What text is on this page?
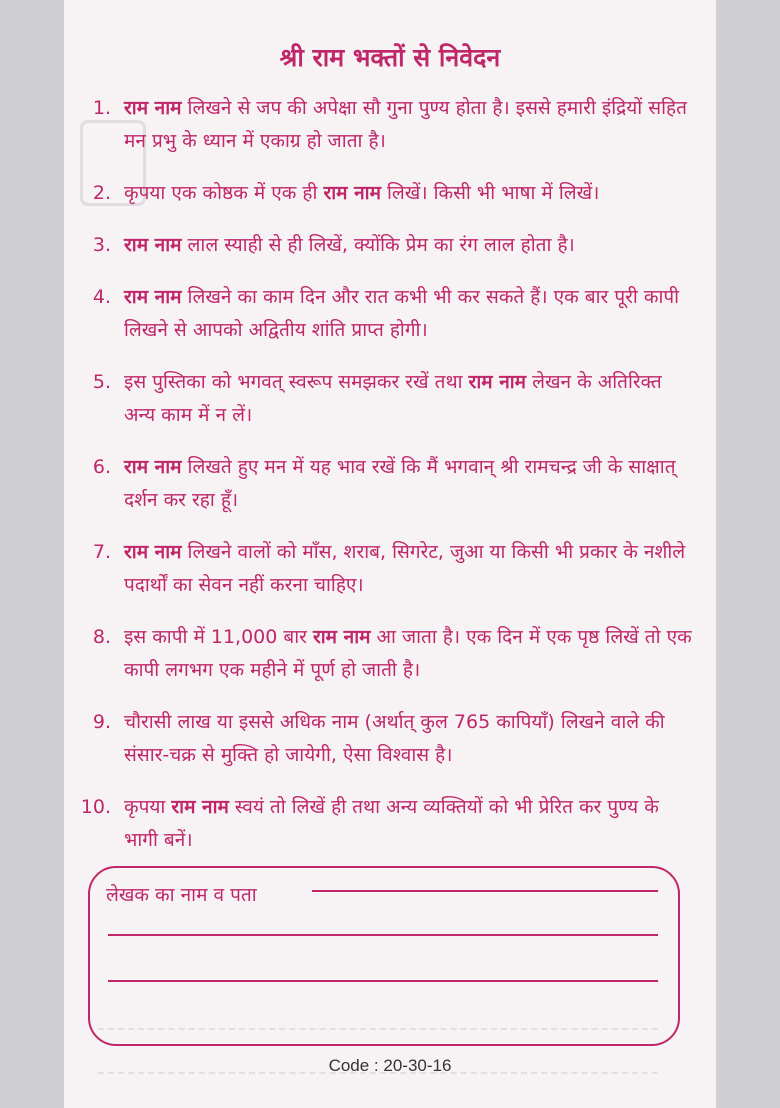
श्री राम भक्तों से निवेदन
1. राम नाम लिखने से जप की अपेक्षा सौ गुना पुण्य होता है। इससे हमारी इंद्रियों सहित मन प्रभु के ध्यान में एकाग्र हो जाता है।
2. कृपया एक कोष्ठक में एक ही राम नाम लिखें। किसी भी भाषा में लिखें।
3. राम नाम लाल स्याही से ही लिखें, क्योंकि प्रेम का रंग लाल होता है।
4. राम नाम लिखने का काम दिन और रात कभी भी कर सकते हैं। एक बार पूरी कापी लिखने से आपको अद्वितीय शांति प्राप्त होगी।
5. इस पुस्तिका को भगवत् स्वरूप समझकर रखें तथा राम नाम लेखन के अतिरिक्त अन्य काम में न लें।
6. राम नाम लिखते हुए मन में यह भाव रखें कि मैं भगवान् श्री रामचन्द्र जी के साक्षात् दर्शन कर रहा हूँ।
7. राम नाम लिखने वालों को माँस, शराब, सिगरेट, जुआ या किसी भी प्रकार के नशीले पदार्थों का सेवन नहीं करना चाहिए।
8. इस कापी में 11,000 बार राम नाम आ जाता है। एक दिन में एक पृष्ठ लिखें तो एक कापी लगभग एक महीने में पूर्ण हो जाती है।
9. चौरासी लाख या इससे अधिक नाम (अर्थात् कुल 765 कापियाँ) लिखने वाले की संसार-चक्र से मुक्ति हो जायेगी, ऐसा विश्वास है।
10. कृपया राम नाम स्वयं तो लिखें ही तथा अन्य व्यक्तियों को भी प्रेरित कर पुण्य के भागी बनें।
लेखक का नाम व पता
Code : 20-30-16
